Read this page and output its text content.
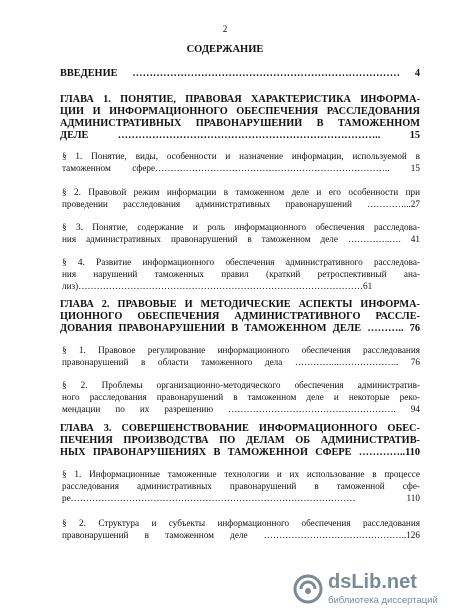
2
СОДЕРЖАНИЕ
ВВЕДЕНИЕ …………………………………………………………………… 4
ГЛАВА 1. ПОНЯТИЕ, ПРАВОВАЯ ХАРАКТЕРИСТИКА ИНФОРМА-
ЦИИ И ИНФОРМАЦИОННОГО ОБЕСПЕЧЕНИЯ РАССЛЕДОВАНИЯ
АДМИНИСТРАТИВНЫХ ПРАВОНАРУШЕНИЙ В ТАМОЖЕННОМ
ДЕЛЕ ………………………………………………………………….. 15
§ 1. Понятие, виды, особенности и назначение информации, используемой в
таможенном сфере………………………………………………………………….. 15
§ 2. Правовой режим информации в таможенном деле и его особенности при
проведении расследования административных правонарушений …………...27
§ 3. Понятие, содержание и роль информационного обеспечения расследова-
ния административных правонарушений в таможенном деле …………..…. 41
§ 4. Развитие информационного обеспечения административного расследова-
ния нарушений таможенных правил (краткий ретроспективный ана-
лиз)…………………………………………………………………………………61
ГЛАВА 2. ПРАВОВЫЕ И МЕТОДИЧЕСКИЕ АСПЕКТЫ ИНФОРМА-
ЦИОННОГО ОБЕСПЕЧЕНИЯ АДМИНИСТРАТИВНОГО РАССЛЕ-
ДОВАНИЯ ПРАВОНАРУШЕНИЙ В ТАМОЖЕННОМ ДЕЛЕ ……….. 76
§ 1. Правовое регулирование информационного обеспечения расследования
правонарушений в области таможенного дела …………...……………….. 76
§ 2. Проблемы организационно-методического обеспечения административ-
ного расследования правонарушений в таможенном деле и некоторые реко-
мендации по их разрешению ………………………………………………. 94
ГЛАВА 3. СОВЕРШЕНСТВОВАНИЕ ИНФОРМАЦИОННОГО ОБЕС-
ПЕЧЕНИЯ ПРОИЗВОДСТВА ПО ДЕЛАМ ОБ АДМИНИСТРАТИВ-
НЫХ ПРАВОНАРУШЕНИЯХ В ТАМОЖЕННОЙ СФЕРЕ …………..110
§ 1. Информационные таможенные технологии и их использование в процессе
расследования административных правонарушений в таможенной сфе-
ре………………………………………………………………………………… 110
§ 2. Структура и субъекты информационного обеспечения расследования
правонарушений в таможенном деле ………………………………………..126
dsLib.net
библиотека диссертаций
